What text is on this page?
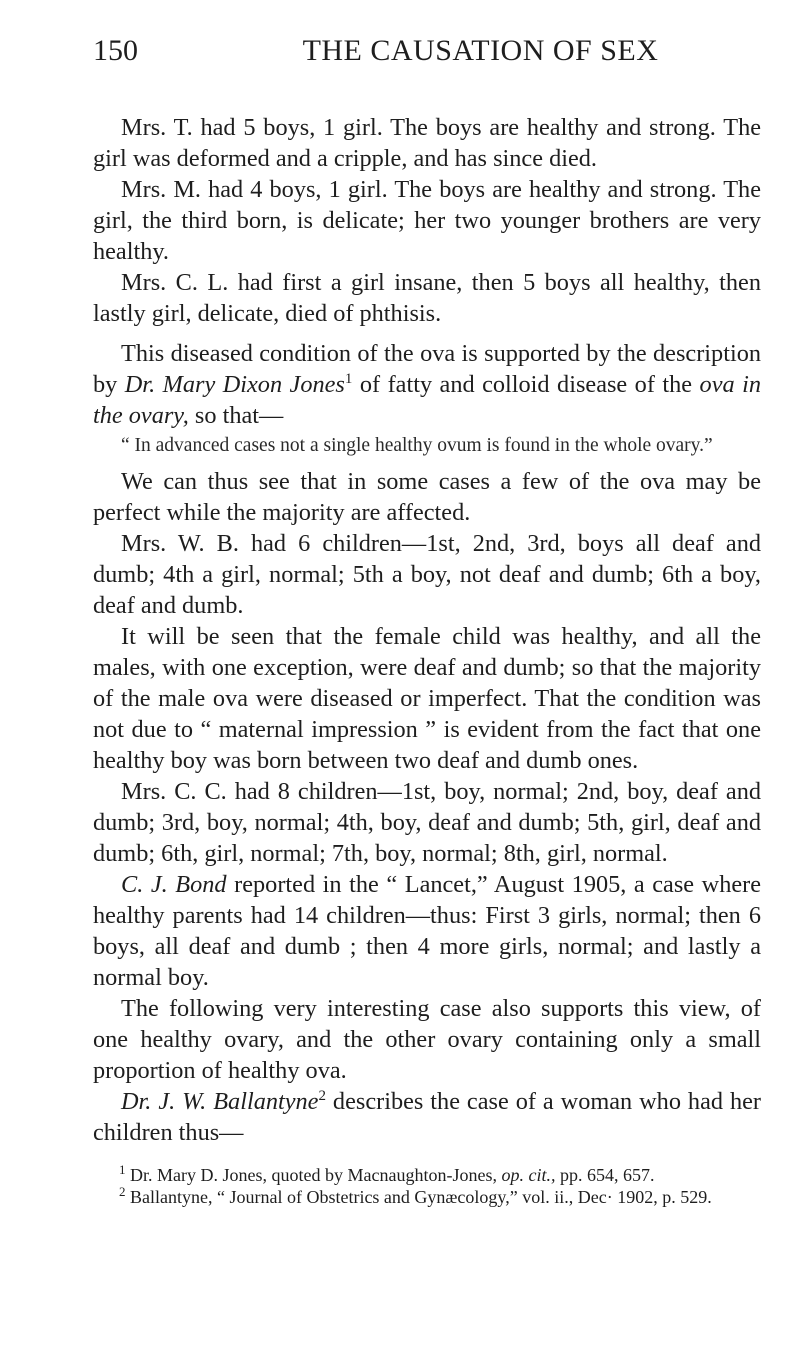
150	THE CAUSATION OF SEX

Mrs. T. had 5 boys, 1 girl. The boys are healthy and strong. The girl was deformed and a cripple, and has since died.

Mrs. M. had 4 boys, 1 girl. The boys are healthy and strong. The girl, the third born, is delicate; her two younger brothers are very healthy.

Mrs. C. L. had first a girl insane, then 5 boys all healthy, then lastly girl, delicate, died of phthisis.

This diseased condition of the ova is supported by the description by Dr. Mary Dixon Jones$^1$ of fatty and colloid disease of the ova in the ovary, so that—

“ In advanced cases not a single healthy ovum is found in the whole ovary.”

We can thus see that in some cases a few of the ova may be perfect while the majority are affected.

Mrs. W. B. had 6 children—1st, 2nd, 3rd, boys all deaf and dumb; 4th a girl, normal; 5th a boy, not deaf and dumb; 6th a boy, deaf and dumb.

It will be seen that the female child was healthy, and all the males, with one exception, were deaf and dumb; so that the majority of the male ova were diseased or imperfect. That the condition was not due to “ maternal impression ” is evident from the fact that one healthy boy was born between two deaf and dumb ones.

Mrs. C. C. had 8 children—1st, boy, normal; 2nd, boy, deaf and dumb; 3rd, boy, normal; 4th, boy, deaf and dumb; 5th, girl, deaf and dumb; 6th, girl, normal; 7th, boy, normal; 8th, girl, normal.

C. J. Bond reported in the “ Lancet,” August 1905, a case where healthy parents had 14 children—thus: First 3 girls, normal; then 6 boys, all deaf and dumb ; then 4 more girls, normal; and lastly a normal boy.

The following very interesting case also supports this view, of one healthy ovary, and the other ovary containing only a small proportion of healthy ova.

Dr. J. W. Ballantyne$^2$ describes the case of a woman who had her children thus—

$^1$ Dr. Mary D. Jones, quoted by Macnaughton-Jones, op. cit., pp. 654, 657.

$^2$ Ballantyne, “ Journal of Obstetrics and Gynæcology,” vol. ii., Dec· 1902, p. 529.
